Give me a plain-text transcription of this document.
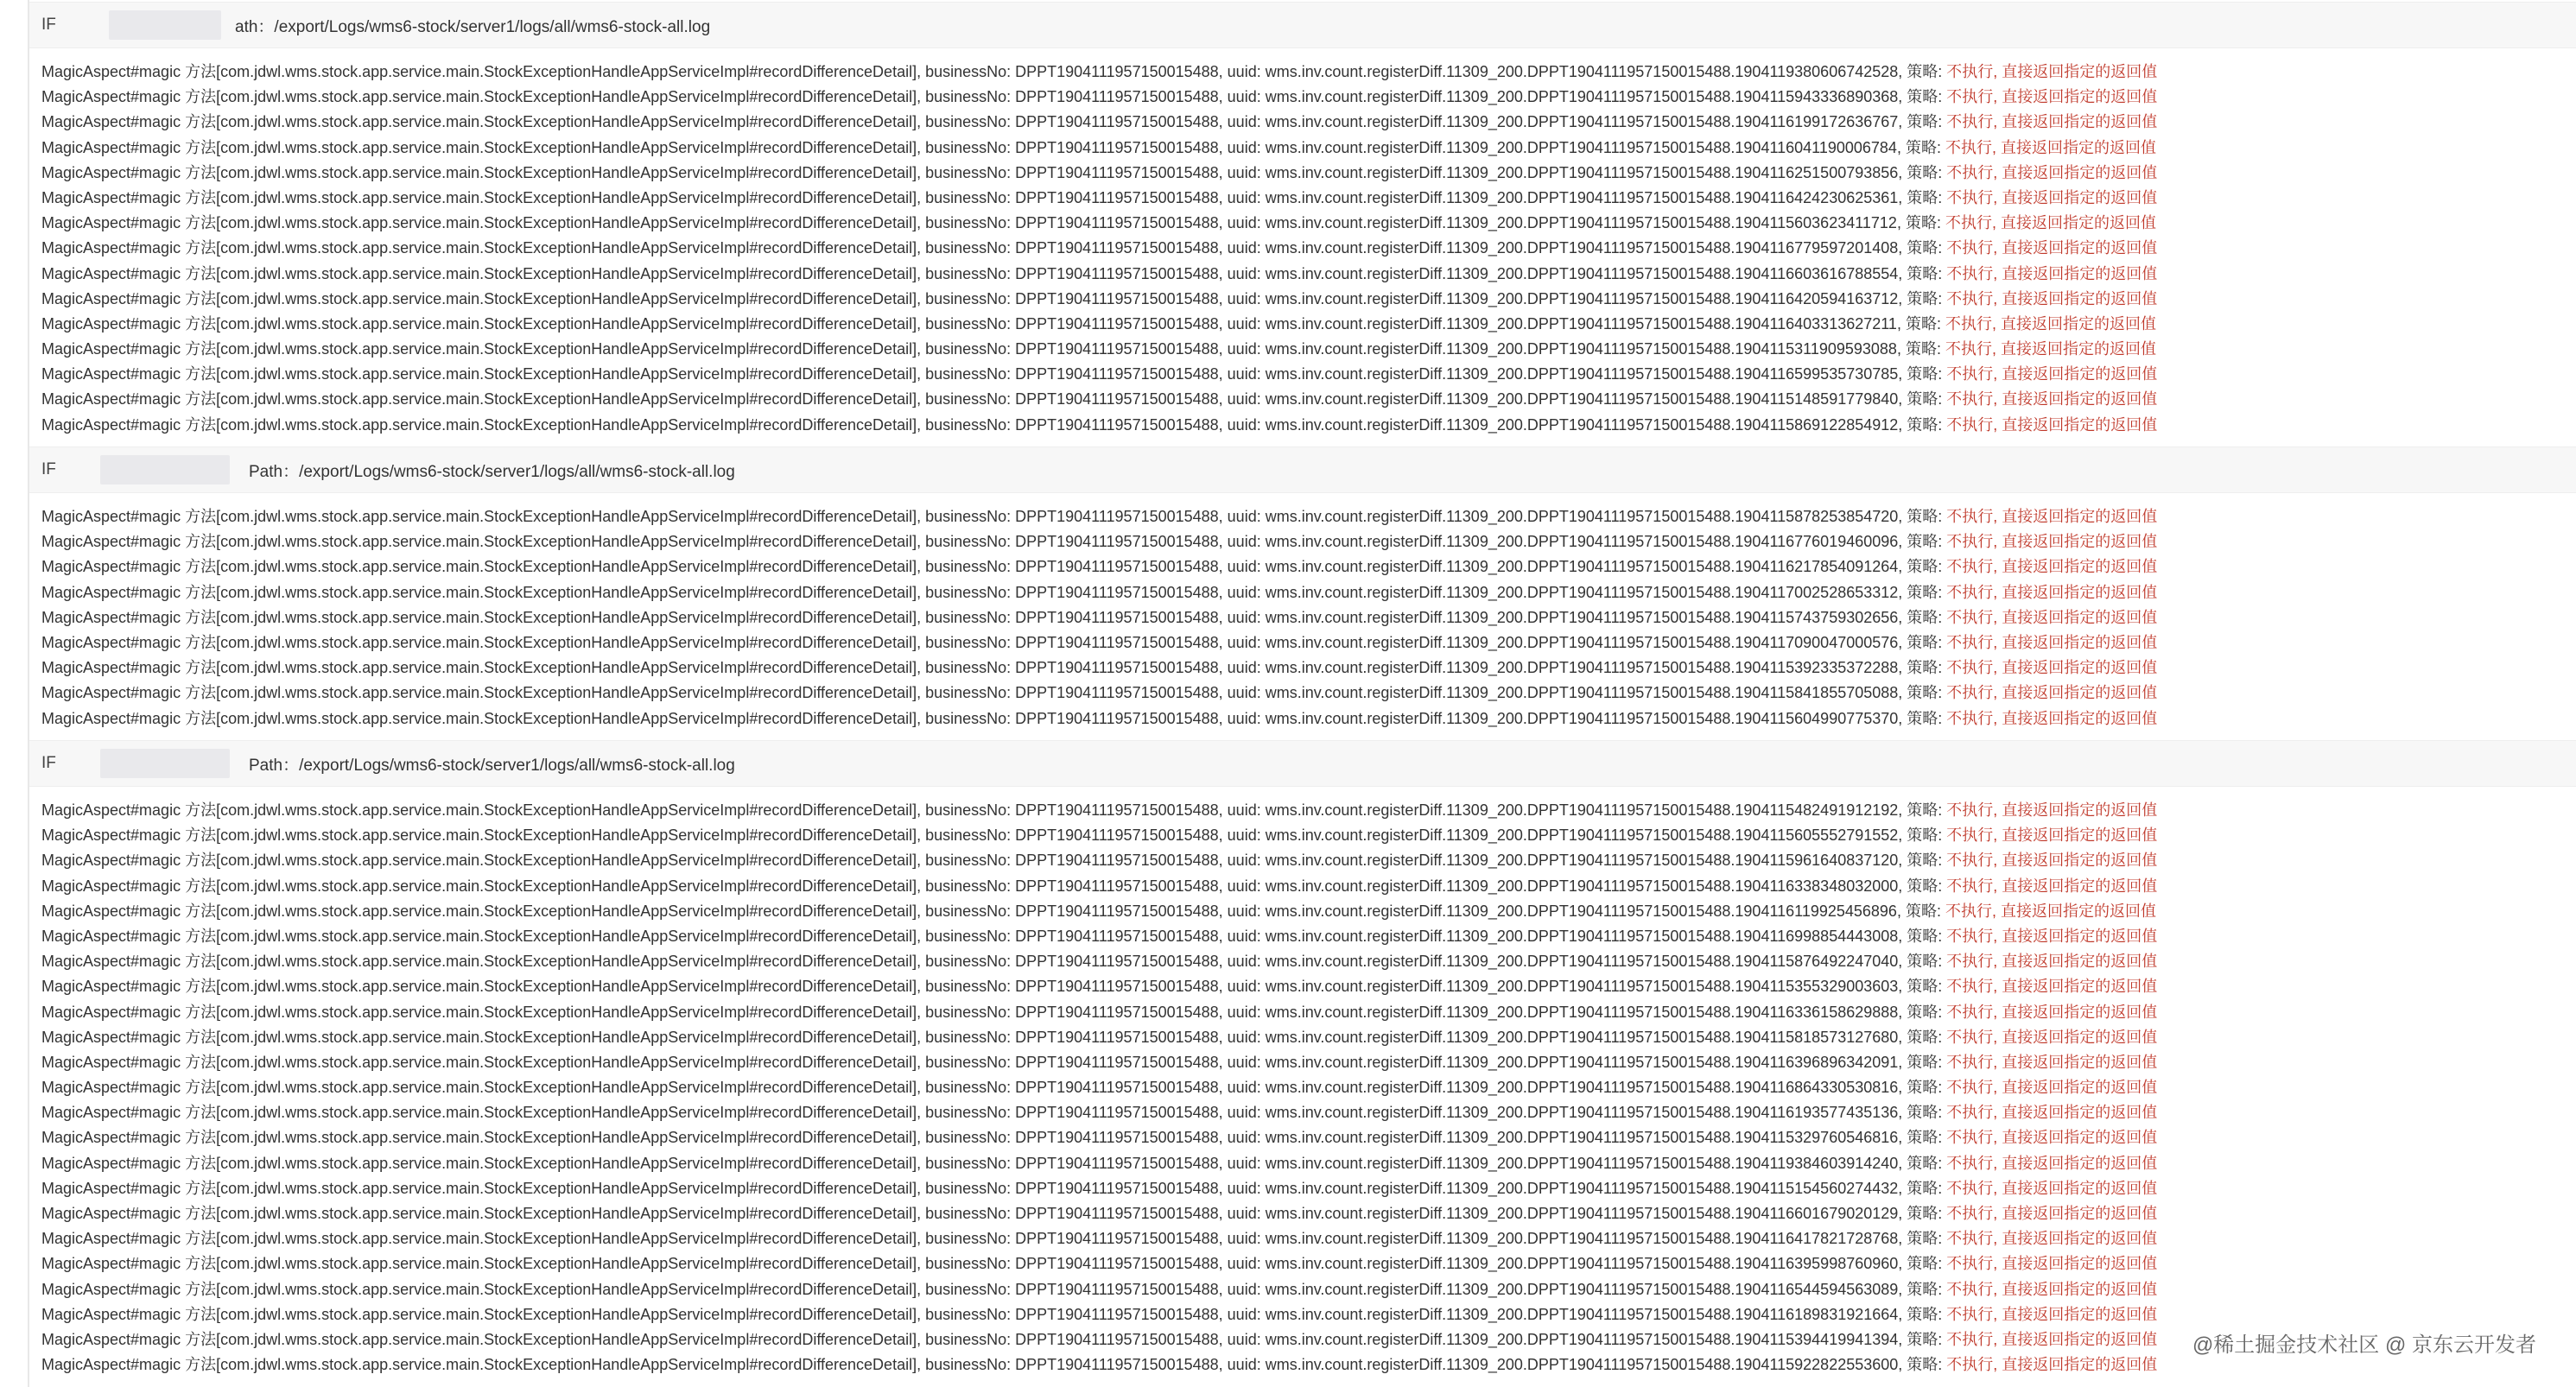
IF	ath：/export/Logs/wms6-stock/server1/logs/all/wms6-stock-all.log
MagicAspect#magic 方法[com.jdwl.wms.stock.app.service.main.StockExceptionHandleAppServiceImpl#recordDifferenceDetail], businessNo: DPPT1904111957150015488, uuid: wms.inv.count.registerDiff.11309_200.DPPT1904111957150015488.1904119380606742528, 策略: 不执行, 直接返回指定的返回值
MagicAspect#magic 方法[com.jdwl.wms.stock.app.service.main.StockExceptionHandleAppServiceImpl#recordDifferenceDetail], businessNo: DPPT1904111957150015488, uuid: wms.inv.count.registerDiff.11309_200.DPPT1904111957150015488.1904115943336890368, 策略: 不执行, 直接返回指定的返回值
MagicAspect#magic 方法[com.jdwl.wms.stock.app.service.main.StockExceptionHandleAppServiceImpl#recordDifferenceDetail], businessNo: DPPT1904111957150015488, uuid: wms.inv.count.registerDiff.11309_200.DPPT1904111957150015488.1904116199172636767, 策略: 不执行, 直接返回指定的返回值
MagicAspect#magic 方法[com.jdwl.wms.stock.app.service.main.StockExceptionHandleAppServiceImpl#recordDifferenceDetail], businessNo: DPPT1904111957150015488, uuid: wms.inv.count.registerDiff.11309_200.DPPT1904111957150015488.1904116041190006784, 策略: 不执行, 直接返回指定的返回值
MagicAspect#magic 方法[com.jdwl.wms.stock.app.service.main.StockExceptionHandleAppServiceImpl#recordDifferenceDetail], businessNo: DPPT1904111957150015488, uuid: wms.inv.count.registerDiff.11309_200.DPPT1904111957150015488.1904116251500793856, 策略: 不执行, 直接返回指定的返回值
MagicAspect#magic 方法[com.jdwl.wms.stock.app.service.main.StockExceptionHandleAppServiceImpl#recordDifferenceDetail], businessNo: DPPT1904111957150015488, uuid: wms.inv.count.registerDiff.11309_200.DPPT1904111957150015488.1904116424230625361, 策略: 不执行, 直接返回指定的返回值
MagicAspect#magic 方法[com.jdwl.wms.stock.app.service.main.StockExceptionHandleAppServiceImpl#recordDifferenceDetail], businessNo: DPPT1904111957150015488, uuid: wms.inv.count.registerDiff.11309_200.DPPT1904111957150015488.1904115603623411712, 策略: 不执行, 直接返回指定的返回值
MagicAspect#magic 方法[com.jdwl.wms.stock.app.service.main.StockExceptionHandleAppServiceImpl#recordDifferenceDetail], businessNo: DPPT1904111957150015488, uuid: wms.inv.count.registerDiff.11309_200.DPPT1904111957150015488.1904116779597201408, 策略: 不执行, 直接返回指定的返回值
MagicAspect#magic 方法[com.jdwl.wms.stock.app.service.main.StockExceptionHandleAppServiceImpl#recordDifferenceDetail], businessNo: DPPT1904111957150015488, uuid: wms.inv.count.registerDiff.11309_200.DPPT1904111957150015488.1904116603616788554, 策略: 不执行, 直接返回指定的返回值
MagicAspect#magic 方法[com.jdwl.wms.stock.app.service.main.StockExceptionHandleAppServiceImpl#recordDifferenceDetail], businessNo: DPPT1904111957150015488, uuid: wms.inv.count.registerDiff.11309_200.DPPT1904111957150015488.1904116420594163712, 策略: 不执行, 直接返回指定的返回值
MagicAspect#magic 方法[com.jdwl.wms.stock.app.service.main.StockExceptionHandleAppServiceImpl#recordDifferenceDetail], businessNo: DPPT1904111957150015488, uuid: wms.inv.count.registerDiff.11309_200.DPPT1904111957150015488.1904116403313627211, 策略: 不执行, 直接返回指定的返回值
MagicAspect#magic 方法[com.jdwl.wms.stock.app.service.main.StockExceptionHandleAppServiceImpl#recordDifferenceDetail], businessNo: DPPT1904111957150015488, uuid: wms.inv.count.registerDiff.11309_200.DPPT1904111957150015488.1904115311909593088, 策略: 不执行, 直接返回指定的返回值
MagicAspect#magic 方法[com.jdwl.wms.stock.app.service.main.StockExceptionHandleAppServiceImpl#recordDifferenceDetail], businessNo: DPPT1904111957150015488, uuid: wms.inv.count.registerDiff.11309_200.DPPT1904111957150015488.1904116599535730785, 策略: 不执行, 直接返回指定的返回值
MagicAspect#magic 方法[com.jdwl.wms.stock.app.service.main.StockExceptionHandleAppServiceImpl#recordDifferenceDetail], businessNo: DPPT1904111957150015488, uuid: wms.inv.count.registerDiff.11309_200.DPPT1904111957150015488.1904115148591779840, 策略: 不执行, 直接返回指定的返回值
MagicAspect#magic 方法[com.jdwl.wms.stock.app.service.main.StockExceptionHandleAppServiceImpl#recordDifferenceDetail], businessNo: DPPT1904111957150015488, uuid: wms.inv.count.registerDiff.11309_200.DPPT1904111957150015488.1904115869122854912, 策略: 不执行, 直接返回指定的返回值
IF	Path：/export/Logs/wms6-stock/server1/logs/all/wms6-stock-all.log
MagicAspect#magic 方法[com.jdwl.wms.stock.app.service.main.StockExceptionHandleAppServiceImpl#recordDifferenceDetail], businessNo: DPPT1904111957150015488, uuid: wms.inv.count.registerDiff.11309_200.DPPT1904111957150015488.1904115878253854720, 策略: 不执行, 直接返回指定的返回值
MagicAspect#magic 方法[com.jdwl.wms.stock.app.service.main.StockExceptionHandleAppServiceImpl#recordDifferenceDetail], businessNo: DPPT1904111957150015488, uuid: wms.inv.count.registerDiff.11309_200.DPPT1904111957150015488.1904116776019460096, 策略: 不执行, 直接返回指定的返回值
MagicAspect#magic 方法[com.jdwl.wms.stock.app.service.main.StockExceptionHandleAppServiceImpl#recordDifferenceDetail], businessNo: DPPT1904111957150015488, uuid: wms.inv.count.registerDiff.11309_200.DPPT1904111957150015488.1904116217854091264, 策略: 不执行, 直接返回指定的返回值
MagicAspect#magic 方法[com.jdwl.wms.stock.app.service.main.StockExceptionHandleAppServiceImpl#recordDifferenceDetail], businessNo: DPPT1904111957150015488, uuid: wms.inv.count.registerDiff.11309_200.DPPT1904111957150015488.1904117002528653312, 策略: 不执行, 直接返回指定的返回值
MagicAspect#magic 方法[com.jdwl.wms.stock.app.service.main.StockExceptionHandleAppServiceImpl#recordDifferenceDetail], businessNo: DPPT1904111957150015488, uuid: wms.inv.count.registerDiff.11309_200.DPPT1904111957150015488.1904115743759302656, 策略: 不执行, 直接返回指定的返回值
MagicAspect#magic 方法[com.jdwl.wms.stock.app.service.main.StockExceptionHandleAppServiceImpl#recordDifferenceDetail], businessNo: DPPT1904111957150015488, uuid: wms.inv.count.registerDiff.11309_200.DPPT1904111957150015488.1904117090047000576, 策略: 不执行, 直接返回指定的返回值
MagicAspect#magic 方法[com.jdwl.wms.stock.app.service.main.StockExceptionHandleAppServiceImpl#recordDifferenceDetail], businessNo: DPPT1904111957150015488, uuid: wms.inv.count.registerDiff.11309_200.DPPT1904111957150015488.1904115392335372288, 策略: 不执行, 直接返回指定的返回值
MagicAspect#magic 方法[com.jdwl.wms.stock.app.service.main.StockExceptionHandleAppServiceImpl#recordDifferenceDetail], businessNo: DPPT1904111957150015488, uuid: wms.inv.count.registerDiff.11309_200.DPPT1904111957150015488.1904115841855705088, 策略: 不执行, 直接返回指定的返回值
MagicAspect#magic 方法[com.jdwl.wms.stock.app.service.main.StockExceptionHandleAppServiceImpl#recordDifferenceDetail], businessNo: DPPT1904111957150015488, uuid: wms.inv.count.registerDiff.11309_200.DPPT1904111957150015488.1904115604990775370, 策略: 不执行, 直接返回指定的返回值
IF	Path：/export/Logs/wms6-stock/server1/logs/all/wms6-stock-all.log
MagicAspect#magic 方法[com.jdwl.wms.stock.app.service.main.StockExceptionHandleAppServiceImpl#recordDifferenceDetail], businessNo: DPPT1904111957150015488, uuid: wms.inv.count.registerDiff.11309_200.DPPT1904111957150015488.1904115482491912192, 策略: 不执行, 直接返回指定的返回值
MagicAspect#magic 方法[com.jdwl.wms.stock.app.service.main.StockExceptionHandleAppServiceImpl#recordDifferenceDetail], businessNo: DPPT1904111957150015488, uuid: wms.inv.count.registerDiff.11309_200.DPPT1904111957150015488.1904115605552791552, 策略: 不执行, 直接返回指定的返回值
MagicAspect#magic 方法[com.jdwl.wms.stock.app.service.main.StockExceptionHandleAppServiceImpl#recordDifferenceDetail], businessNo: DPPT1904111957150015488, uuid: wms.inv.count.registerDiff.11309_200.DPPT1904111957150015488.1904115961640837120, 策略: 不执行, 直接返回指定的返回值
MagicAspect#magic 方法[com.jdwl.wms.stock.app.service.main.StockExceptionHandleAppServiceImpl#recordDifferenceDetail], businessNo: DPPT1904111957150015488, uuid: wms.inv.count.registerDiff.11309_200.DPPT1904111957150015488.1904116338348032000, 策略: 不执行, 直接返回指定的返回值
MagicAspect#magic 方法[com.jdwl.wms.stock.app.service.main.StockExceptionHandleAppServiceImpl#recordDifferenceDetail], businessNo: DPPT1904111957150015488, uuid: wms.inv.count.registerDiff.11309_200.DPPT1904111957150015488.1904116119925456896, 策略: 不执行, 直接返回指定的返回值
MagicAspect#magic 方法[com.jdwl.wms.stock.app.service.main.StockExceptionHandleAppServiceImpl#recordDifferenceDetail], businessNo: DPPT1904111957150015488, uuid: wms.inv.count.registerDiff.11309_200.DPPT1904111957150015488.1904116998854443008, 策略: 不执行, 直接返回指定的返回值
MagicAspect#magic 方法[com.jdwl.wms.stock.app.service.main.StockExceptionHandleAppServiceImpl#recordDifferenceDetail], businessNo: DPPT1904111957150015488, uuid: wms.inv.count.registerDiff.11309_200.DPPT1904111957150015488.1904115876492247040, 策略: 不执行, 直接返回指定的返回值
MagicAspect#magic 方法[com.jdwl.wms.stock.app.service.main.StockExceptionHandleAppServiceImpl#recordDifferenceDetail], businessNo: DPPT1904111957150015488, uuid: wms.inv.count.registerDiff.11309_200.DPPT1904111957150015488.1904115355329003603, 策略: 不执行, 直接返回指定的返回值
MagicAspect#magic 方法[com.jdwl.wms.stock.app.service.main.StockExceptionHandleAppServiceImpl#recordDifferenceDetail], businessNo: DPPT1904111957150015488, uuid: wms.inv.count.registerDiff.11309_200.DPPT1904111957150015488.1904116336158629888, 策略: 不执行, 直接返回指定的返回值
MagicAspect#magic 方法[com.jdwl.wms.stock.app.service.main.StockExceptionHandleAppServiceImpl#recordDifferenceDetail], businessNo: DPPT1904111957150015488, uuid: wms.inv.count.registerDiff.11309_200.DPPT1904111957150015488.1904115818573127680, 策略: 不执行, 直接返回指定的返回值
MagicAspect#magic 方法[com.jdwl.wms.stock.app.service.main.StockExceptionHandleAppServiceImpl#recordDifferenceDetail], businessNo: DPPT1904111957150015488, uuid: wms.inv.count.registerDiff.11309_200.DPPT1904111957150015488.1904116396896342091, 策略: 不执行, 直接返回指定的返回值
MagicAspect#magic 方法[com.jdwl.wms.stock.app.service.main.StockExceptionHandleAppServiceImpl#recordDifferenceDetail], businessNo: DPPT1904111957150015488, uuid: wms.inv.count.registerDiff.11309_200.DPPT1904111957150015488.1904116864330530816, 策略: 不执行, 直接返回指定的返回值
MagicAspect#magic 方法[com.jdwl.wms.stock.app.service.main.StockExceptionHandleAppServiceImpl#recordDifferenceDetail], businessNo: DPPT1904111957150015488, uuid: wms.inv.count.registerDiff.11309_200.DPPT1904111957150015488.1904116193577435136, 策略: 不执行, 直接返回指定的返回值
MagicAspect#magic 方法[com.jdwl.wms.stock.app.service.main.StockExceptionHandleAppServiceImpl#recordDifferenceDetail], businessNo: DPPT1904111957150015488, uuid: wms.inv.count.registerDiff.11309_200.DPPT1904111957150015488.1904115329760546816, 策略: 不执行, 直接返回指定的返回值
MagicAspect#magic 方法[com.jdwl.wms.stock.app.service.main.StockExceptionHandleAppServiceImpl#recordDifferenceDetail], businessNo: DPPT1904111957150015488, uuid: wms.inv.count.registerDiff.11309_200.DPPT1904111957150015488.1904119384603914240, 策略: 不执行, 直接返回指定的返回值
MagicAspect#magic 方法[com.jdwl.wms.stock.app.service.main.StockExceptionHandleAppServiceImpl#recordDifferenceDetail], businessNo: DPPT1904111957150015488, uuid: wms.inv.count.registerDiff.11309_200.DPPT1904111957150015488.1904115154560274432, 策略: 不执行, 直接返回指定的返回值
MagicAspect#magic 方法[com.jdwl.wms.stock.app.service.main.StockExceptionHandleAppServiceImpl#recordDifferenceDetail], businessNo: DPPT1904111957150015488, uuid: wms.inv.count.registerDiff.11309_200.DPPT1904111957150015488.1904116601679020129, 策略: 不执行, 直接返回指定的返回值
MagicAspect#magic 方法[com.jdwl.wms.stock.app.service.main.StockExceptionHandleAppServiceImpl#recordDifferenceDetail], businessNo: DPPT1904111957150015488, uuid: wms.inv.count.registerDiff.11309_200.DPPT1904111957150015488.1904116417821728768, 策略: 不执行, 直接返回指定的返回值
MagicAspect#magic 方法[com.jdwl.wms.stock.app.service.main.StockExceptionHandleAppServiceImpl#recordDifferenceDetail], businessNo: DPPT1904111957150015488, uuid: wms.inv.count.registerDiff.11309_200.DPPT1904111957150015488.1904116395998760960, 策略: 不执行, 直接返回指定的返回值
MagicAspect#magic 方法[com.jdwl.wms.stock.app.service.main.StockExceptionHandleAppServiceImpl#recordDifferenceDetail], businessNo: DPPT1904111957150015488, uuid: wms.inv.count.registerDiff.11309_200.DPPT1904111957150015488.1904116544594563089, 策略: 不执行, 直接返回指定的返回值
MagicAspect#magic 方法[com.jdwl.wms.stock.app.service.main.StockExceptionHandleAppServiceImpl#recordDifferenceDetail], businessNo: DPPT1904111957150015488, uuid: wms.inv.count.registerDiff.11309_200.DPPT1904111957150015488.1904116189831921664, 策略: 不执行, 直接返回指定的返回值
MagicAspect#magic 方法[com.jdwl.wms.stock.app.service.main.StockExceptionHandleAppServiceImpl#recordDifferenceDetail], businessNo: DPPT1904111957150015488, uuid: wms.inv.count.registerDiff.11309_200.DPPT1904111957150015488.1904115394419941394, 策略: 不执行, 直接返回指定的返回值
MagicAspect#magic 方法[com.jdwl.wms.stock.app.service.main.StockExceptionHandleAppServiceImpl#recordDifferenceDetail], businessNo: DPPT1904111957150015488, uuid: wms.inv.count.registerDiff.11309_200.DPPT1904111957150015488.1904115922822553600, 策略: 不执行, 直接返回指定的返回值
@稀土掘金技术社区 @ 京东云开发者
